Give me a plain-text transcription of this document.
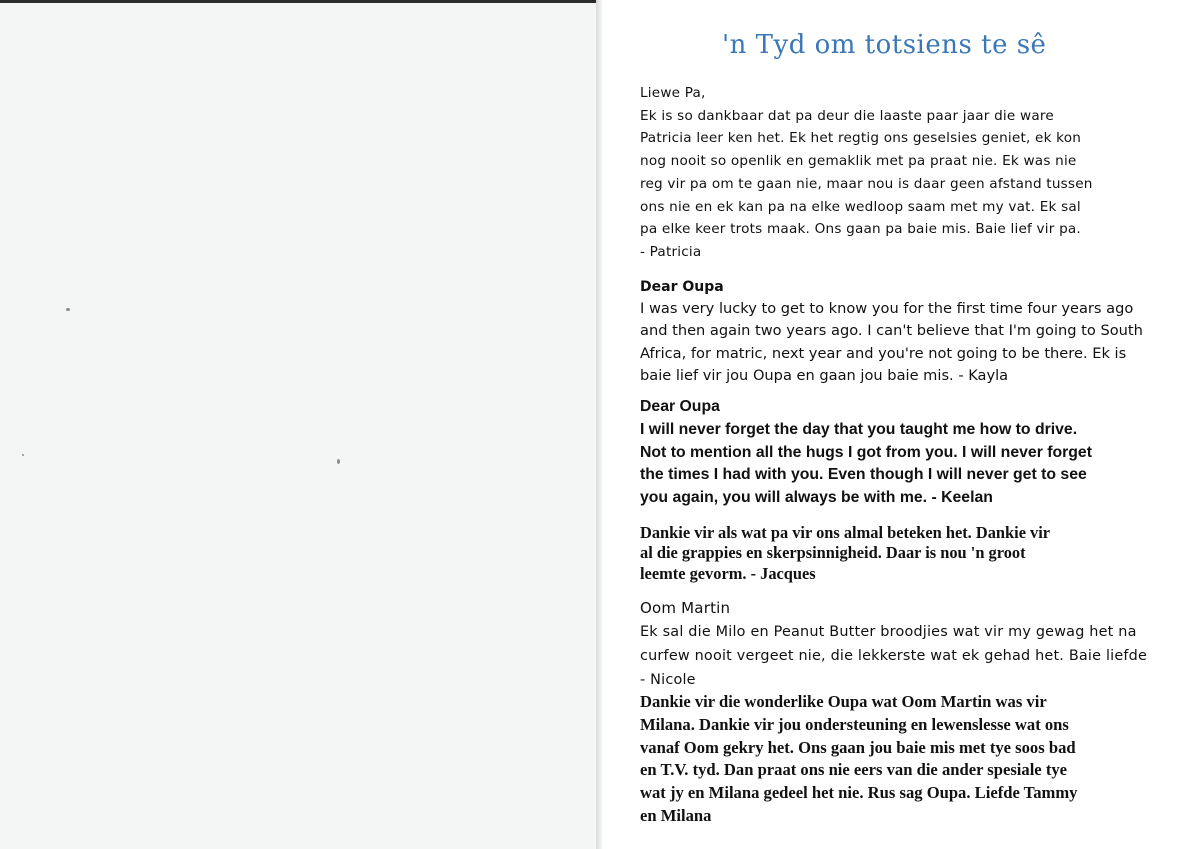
'n Tyd om totsiens te sê
Liewe Pa,
Ek is so dankbaar dat pa deur die laaste paar jaar die ware
Patricia leer ken het. Ek het regtig ons geselsies geniet, ek kon
nog nooit so openlik en gemaklik met pa praat nie. Ek was nie
reg vir pa om te gaan nie, maar nou is daar geen afstand tussen
ons nie en ek kan pa na elke wedloop saam met my vat. Ek sal
pa elke keer trots maak. Ons gaan pa baie mis. Baie lief vir pa.
- Patricia
Dear Oupa
I was very lucky to get to know you for the first time four years ago
and then again two years ago. I can't believe that I'm going to South
Africa, for matric, next year and you're not going to be there. Ek is
baie lief vir jou Oupa en gaan jou baie mis. - Kayla
Dear Oupa
I will never forget the day that you taught me how to drive.
Not to mention all the hugs I got from you. I will never forget
the times I had with you. Even though I will never get to see
you again, you will always be with me. - Keelan
Dankie vir als wat pa vir ons almal beteken het. Dankie vir
al die grappies en skerpsinnigheid. Daar is nou 'n groot
leemte gevorm. - Jacques
Oom Martin
Ek sal die Milo en Peanut Butter broodjies wat vir my gewag het na
curfew nooit vergeet nie, die lekkerste wat ek gehad het. Baie liefde
- Nicole
Dankie vir die wonderlike Oupa wat Oom Martin was vir
Milana. Dankie vir jou ondersteuning en lewenslesse wat ons
vanaf Oom gekry het. Ons gaan jou baie mis met tye soos bad
en T.V. tyd. Dan praat ons nie eers van die ander spesiale tye
wat jy en Milana gedeel het nie. Rus sag Oupa. Liefde Tammy
en Milana
